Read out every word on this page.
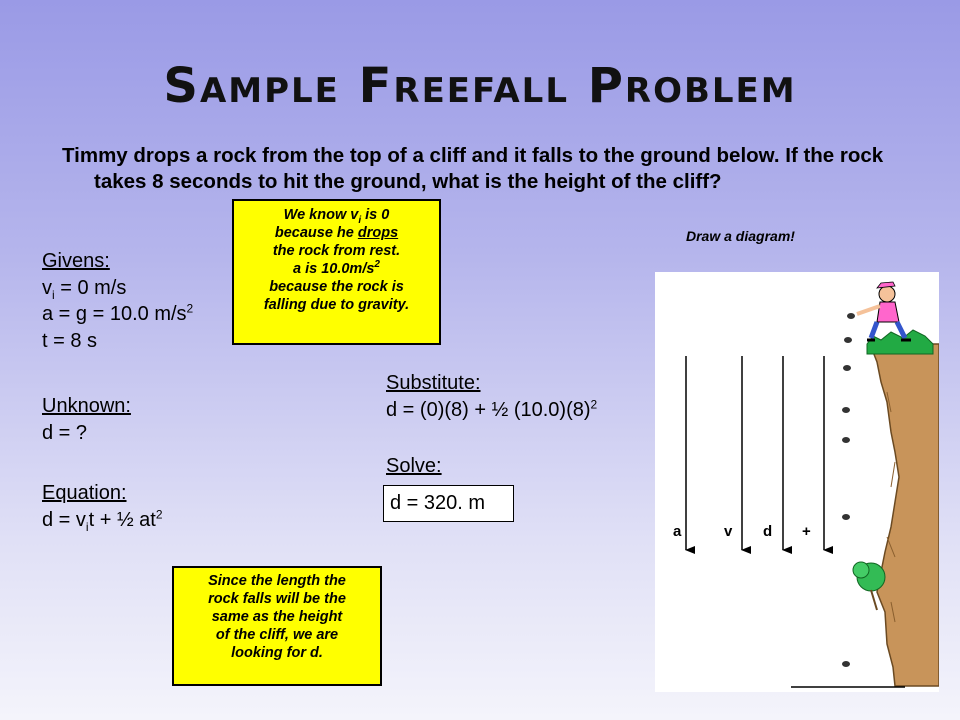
Sample Freefall Problem
Timmy drops a rock from the top of a cliff and it falls to the ground below. If the rock takes 8 seconds to hit the ground, what is the height of the cliff?
Givens:
$v_i = 0$ m/s
a = g = 10.0 $m/s^2$
t = 8 s
Unknown:
d = ?
Equation:
$d = v_it$ + ½ $at^2$
Substitute:
d = (0)(8) + ½ $(10.0)(8)^2$
Solve:
d = 320. m
We know $v_i$ is 0
because he drops
the rock from rest.
a is $10.0m/s^2$
because the rock is
falling due to gravity.
Since the length the
rock falls will be the
same as the height
of the cliff, we are
looking for d.
Draw a diagram!
a	v d +
